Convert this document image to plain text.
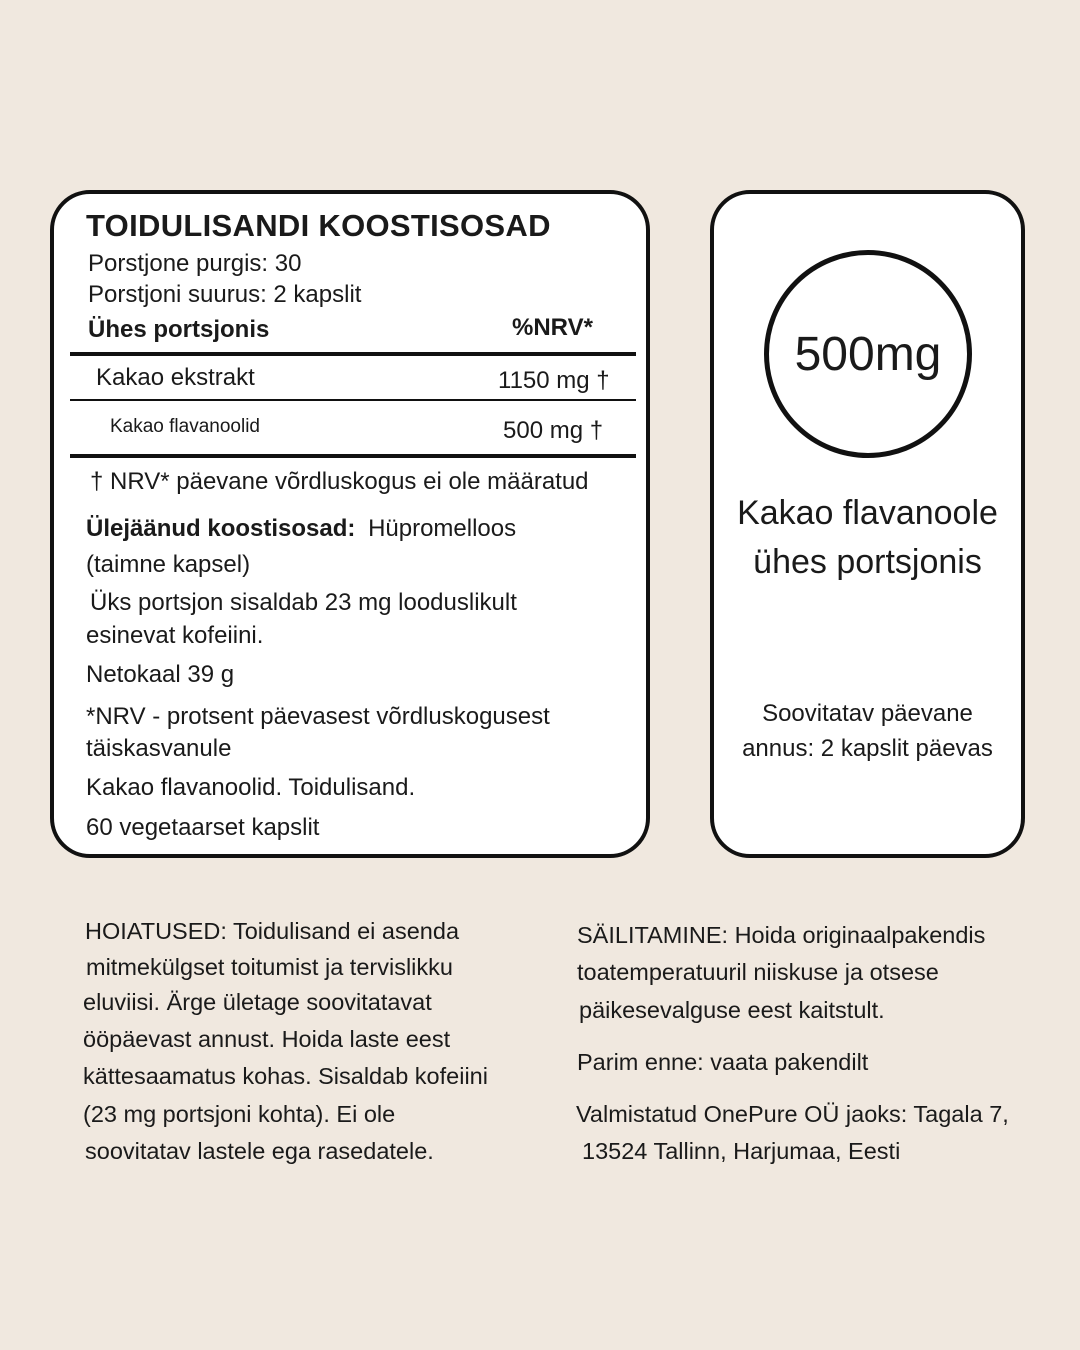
TOIDULISANDI KOOSTISOSAD
Porstjone purgis: 30
Porstjoni suurus: 2 kapslit
Ühes portsjonis	%NRV*
Kakao ekstrakt	1150 mg †
Kakao flavanoolid	500 mg †
† NRV* päevane võrdluskogus ei ole määratud
Ülejäänud koostisosad: Hüpromelloos
(taimne kapsel)
Üks portsjon sisaldab 23 mg looduslikult
esinevat kofeiini.
Netokaal 39 g
*NRV - protsent päevasest võrdluskogusest
täiskasvanule
Kakao flavanoolid. Toidulisand.
60 vegetaarset kapslit
500mg
Kakao flavanoole
ühes portsjonis
Soovitatav päevane
annus: 2 kapslit päevas
HOIATUSED: Toidulisand ei asenda
mitmekülgset toitumist ja tervislikku
eluviisi. Ärge ületage soovitatavat
ööpäevast annust. Hoida laste eest
kättesaamatus kohas. Sisaldab kofeiini
(23 mg portsjoni kohta). Ei ole
soovitatav lastele ega rasedatele.
SÄILITAMINE: Hoida originaalpakendis
toatemperatuuril niiskuse ja otsese
päikesevalguse eest kaitstult.
Parim enne: vaata pakendilt
Valmistatud OnePure OÜ jaoks: Tagala 7,
13524 Tallinn, Harjumaa, Eesti
